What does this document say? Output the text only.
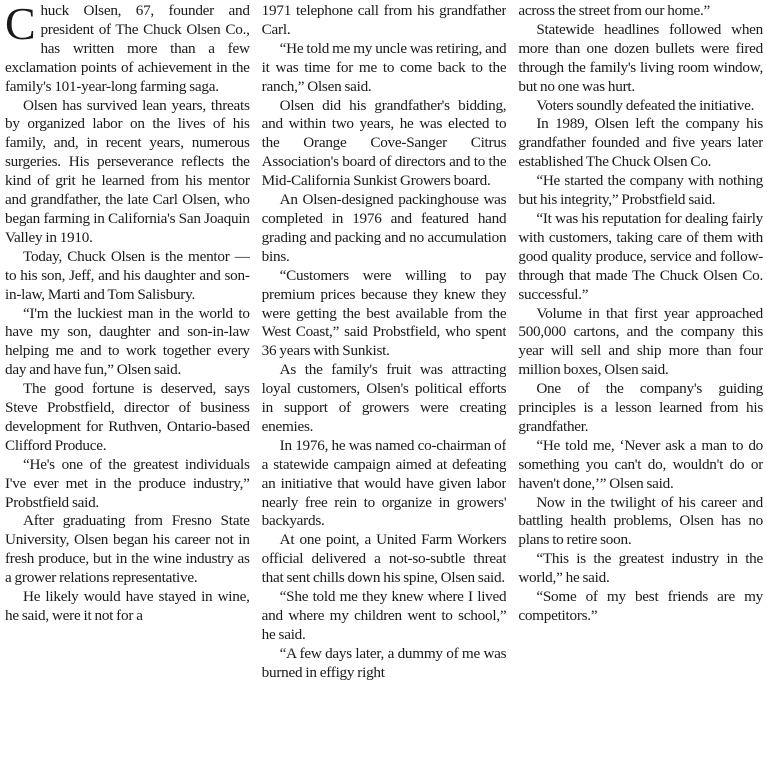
Chuck Olsen, 67, founder and president of The Chuck Olsen Co., has written more than a few exclamation points of achievement in the family's 101-year-long farming saga.

Olsen has survived lean years, threats by organized labor on the lives of his family, and, in recent years, numerous surgeries. His perseverance reflects the kind of grit he learned from his mentor and grandfather, the late Carl Olsen, who began farming in California's San Joaquin Valley in 1910.

Today, Chuck Olsen is the mentor — to his son, Jeff, and his daughter and son-in-law, Marti and Tom Salisbury.

“I'm the luckiest man in the world to have my son, daughter and son-in-law helping me and to work together every day and have fun,” Olsen said.

The good fortune is deserved, says Steve Probstfield, director of business development for Ruthven, Ontario-based Clifford Produce.

“He's one of the greatest individuals I've ever met in the produce industry,” Probstfield said.

After graduating from Fresno State University, Olsen began his career not in fresh produce, but in the wine industry as a grower relations representative.

He likely would have stayed in wine, he said, were it not for a

1971 telephone call from his grandfather Carl.

“He told me my uncle was retiring, and it was time for me to come back to the ranch,” Olsen said.

Olsen did his grandfather's bidding, and within two years, he was elected to the Orange Cove-Sanger Citrus Association's board of directors and to the Mid-California Sunkist Growers board.

An Olsen-designed packinghouse was completed in 1976 and featured hand grading and packing and no accumulation bins.

“Customers were willing to pay premium prices because they knew they were getting the best available from the West Coast,” said Probstfield, who spent 36 years with Sunkist.

As the family's fruit was attracting loyal customers, Olsen's political efforts in support of growers were creating enemies.

In 1976, he was named co-chairman of a statewide campaign aimed at defeating an initiative that would have given labor nearly free rein to organize in growers' backyards.

At one point, a United Farm Workers official delivered a not-so-subtle threat that sent chills down his spine, Olsen said.

“She told me they knew where I lived and where my children went to school,” he said.

“A few days later, a dummy of me was burned in effigy right

across the street from our home.”

Statewide headlines followed when more than one dozen bullets were fired through the family's living room window, but no one was hurt.

Voters soundly defeated the initiative.

In 1989, Olsen left the company his grandfather founded and five years later established The Chuck Olsen Co.

“He started the company with nothing but his integrity,” Probstfield said.

“It was his reputation for dealing fairly with customers, taking care of them with good quality produce, service and follow-through that made The Chuck Olsen Co. successful.”

Volume in that first year approached 500,000 cartons, and the company this year will sell and ship more than four million boxes, Olsen said.

One of the company's guiding principles is a lesson learned from his grandfather.

“He told me, ‘Never ask a man to do something you can't do, wouldn't do or haven't done,’” Olsen said.

Now in the twilight of his career and battling health problems, Olsen has no plans to retire soon.

“This is the greatest industry in the world,” he said.

“Some of my best friends are my competitors.”
